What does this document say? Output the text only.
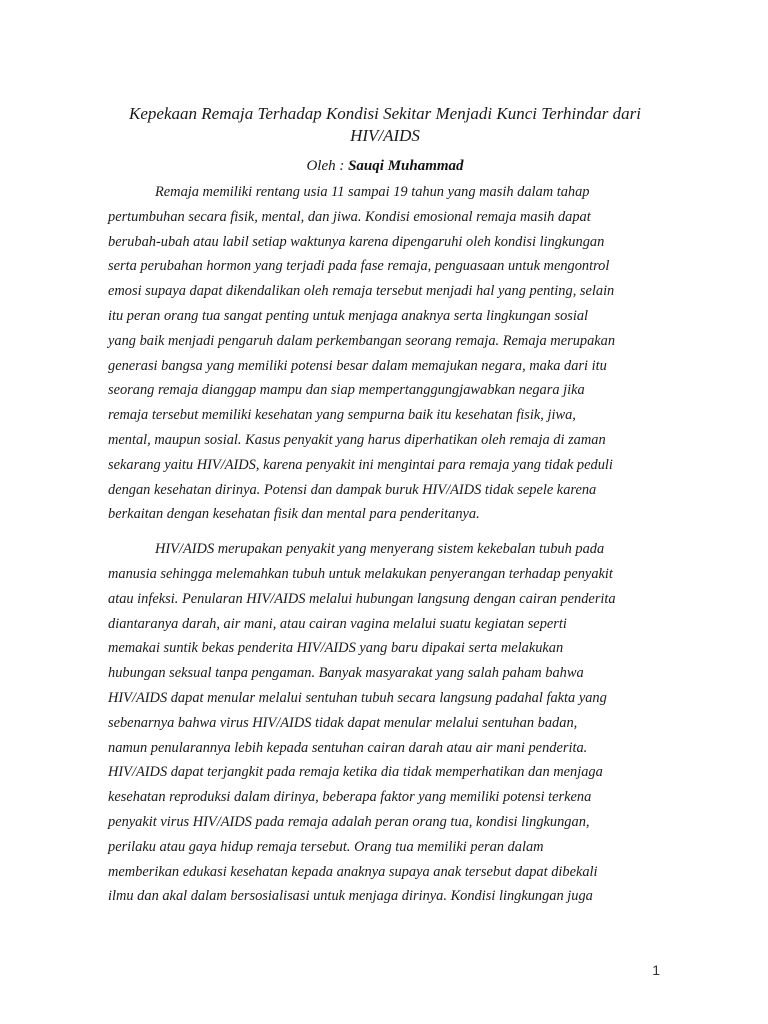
Kepekaan Remaja Terhadap Kondisi Sekitar Menjadi Kunci Terhindar dari
HIV/AIDS
Oleh : Sauqi Muhammad

Remaja memiliki rentang usia 11 sampai 19 tahun yang masih dalam tahap
pertumbuhan secara fisik, mental, dan jiwa. Kondisi emosional remaja masih dapat
berubah-ubah atau labil setiap waktunya karena dipengaruhi oleh kondisi lingkungan
serta perubahan hormon yang terjadi pada fase remaja, penguasaan untuk mengontrol
emosi supaya dapat dikendalikan oleh remaja tersebut menjadi hal yang penting, selain
itu peran orang tua sangat penting untuk menjaga anaknya serta lingkungan sosial
yang baik menjadi pengaruh dalam perkembangan seorang remaja. Remaja merupakan
generasi bangsa yang memiliki potensi besar dalam memajukan negara, maka dari itu
seorang remaja dianggap mampu dan siap mempertanggungjawabkan negara jika
remaja tersebut memiliki kesehatan yang sempurna baik itu kesehatan fisik, jiwa,
mental, maupun sosial. Kasus penyakit yang harus diperhatikan oleh remaja di zaman
sekarang yaitu HIV/AIDS, karena penyakit ini mengintai para remaja yang tidak peduli
dengan kesehatan dirinya. Potensi dan dampak buruk HIV/AIDS tidak sepele karena
berkaitan dengan kesehatan fisik dan mental para penderitanya.

HIV/AIDS merupakan penyakit yang menyerang sistem kekebalan tubuh pada
manusia sehingga melemahkan tubuh untuk melakukan penyerangan terhadap penyakit
atau infeksi. Penularan HIV/AIDS melalui hubungan langsung dengan cairan penderita
diantaranya darah, air mani, atau cairan vagina melalui suatu kegiatan seperti
memakai suntik bekas penderita HIV/AIDS yang baru dipakai serta melakukan
hubungan seksual tanpa pengaman. Banyak masyarakat yang salah paham bahwa
HIV/AIDS dapat menular melalui sentuhan tubuh secara langsung padahal fakta yang
sebenarnya bahwa virus HIV/AIDS tidak dapat menular melalui sentuhan badan,
namun penularannya lebih kepada sentuhan cairan darah atau air mani penderita.
HIV/AIDS dapat terjangkit pada remaja ketika dia tidak memperhatikan dan menjaga
kesehatan reproduksi dalam dirinya, beberapa faktor yang memiliki potensi terkena
penyakit virus HIV/AIDS pada remaja adalah peran orang tua, kondisi lingkungan,
perilaku atau gaya hidup remaja tersebut. Orang tua memiliki peran dalam
memberikan edukasi kesehatan kepada anaknya supaya anak tersebut dapat dibekali
ilmu dan akal dalam bersosialisasi untuk menjaga dirinya. Kondisi lingkungan juga

1
